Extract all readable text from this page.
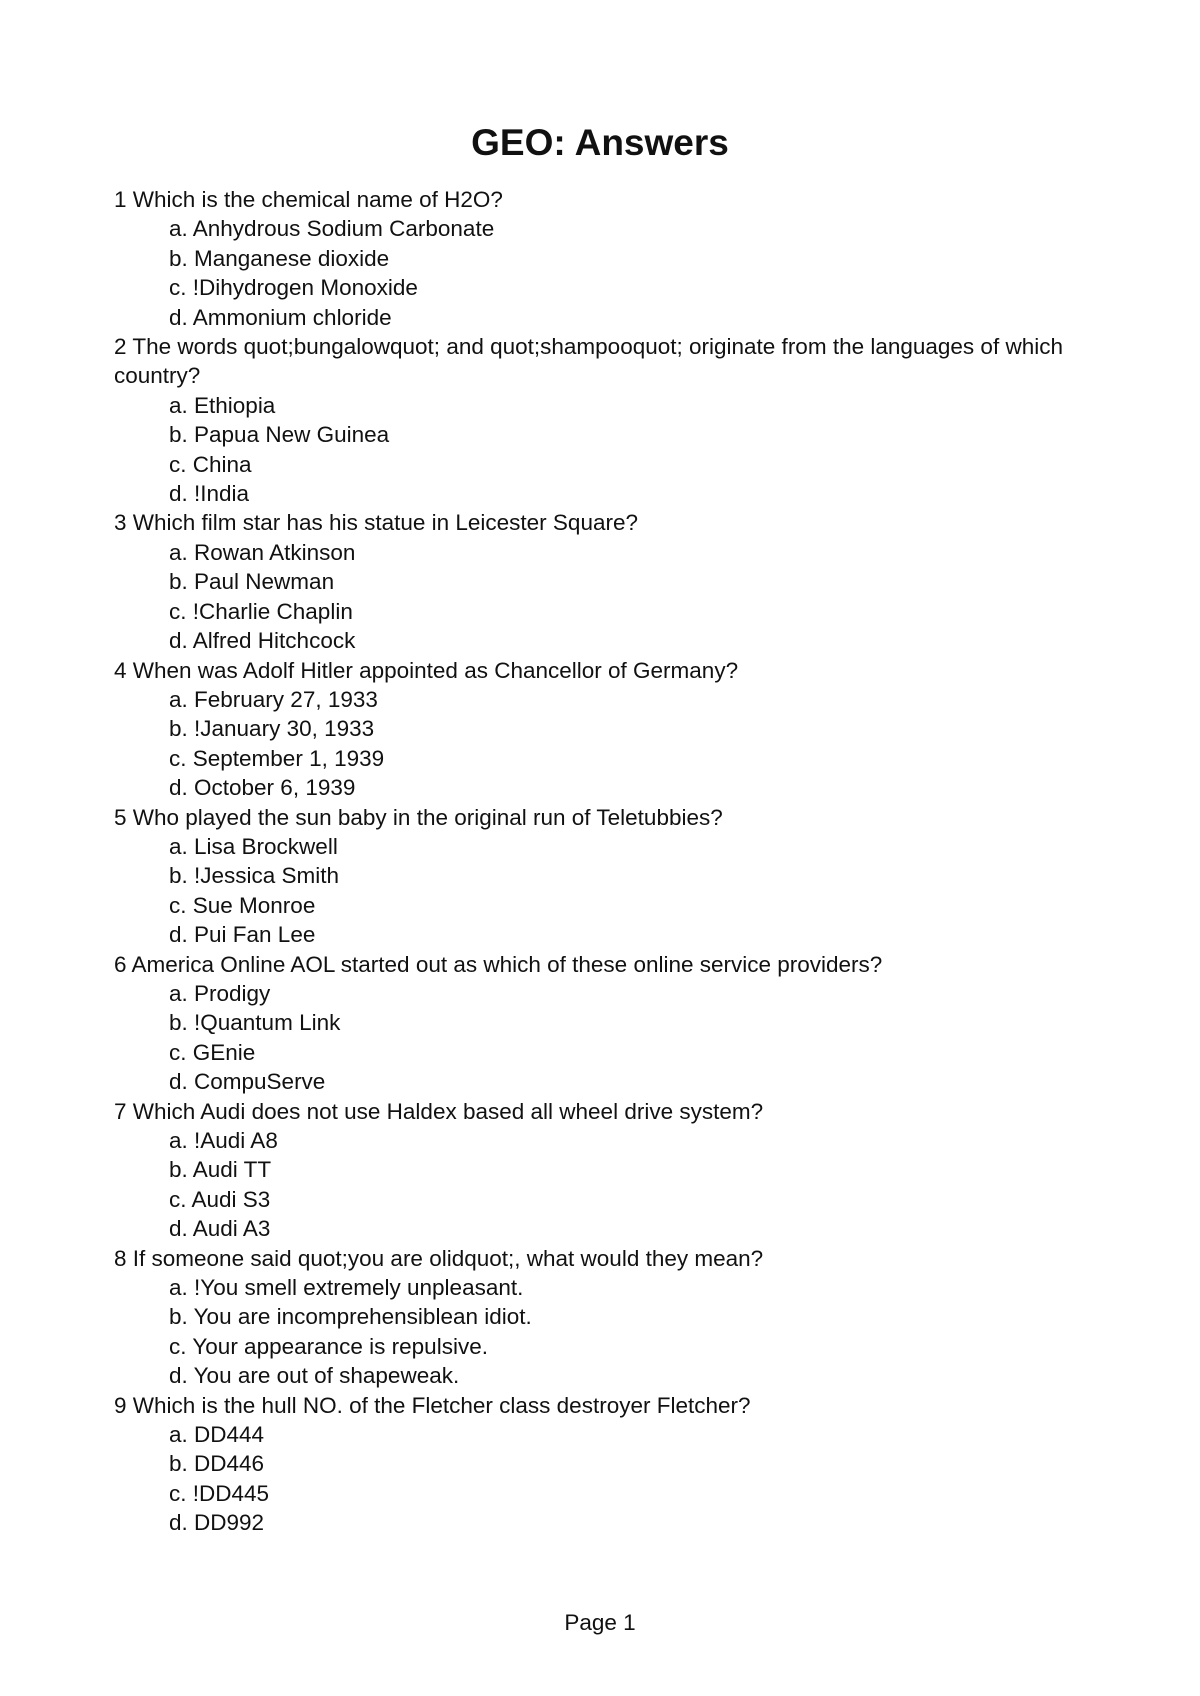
GEO: Answers
1 Which is the chemical name of H2O?
a. Anhydrous Sodium Carbonate
b. Manganese dioxide
c. !Dihydrogen Monoxide
d. Ammonium chloride
2 The words quot;bungalowquot; and quot;shampooquot; originate from the languages of which country?
a. Ethiopia
b. Papua New Guinea
c. China
d. !India
3 Which film star has his statue in Leicester Square?
a. Rowan Atkinson
b. Paul Newman
c. !Charlie Chaplin
d. Alfred Hitchcock
4 When was Adolf Hitler appointed as Chancellor of Germany?
a. February 27, 1933
b. !January 30, 1933
c. September 1, 1939
d. October 6, 1939
5 Who played the sun baby in the original run of Teletubbies?
a. Lisa Brockwell
b. !Jessica Smith
c. Sue Monroe
d. Pui Fan Lee
6 America Online AOL started out as which of these online service providers?
a. Prodigy
b. !Quantum Link
c. GEnie
d. CompuServe
7 Which Audi does not use Haldex based all wheel drive system?
a. !Audi A8
b. Audi TT
c. Audi S3
d. Audi A3
8 If someone said quot;you are olidquot;, what would they mean?
a. !You smell extremely unpleasant.
b. You are incomprehensiblean idiot.
c. Your appearance is repulsive.
d. You are out of shapeweak.
9 Which is the hull NO. of the Fletcher class destroyer Fletcher?
a. DD444
b. DD446
c. !DD445
d. DD992
Page 1
